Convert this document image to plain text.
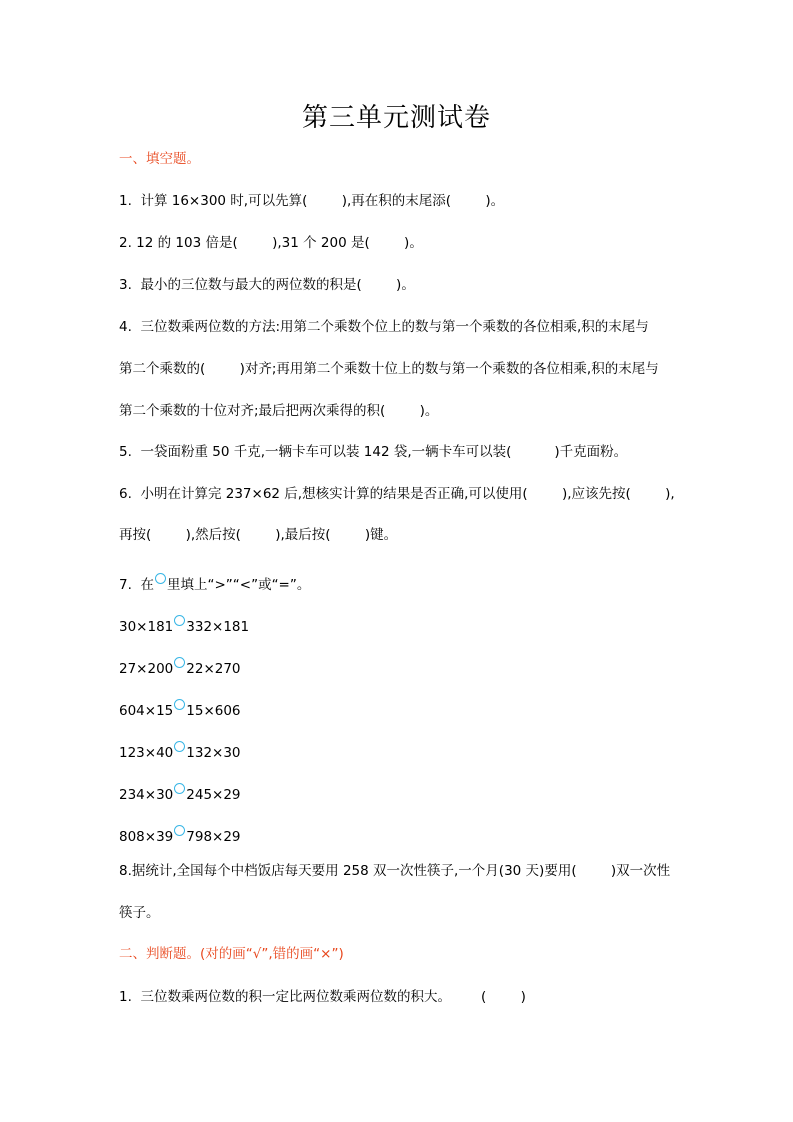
第三单元测试卷
一、填空题。
1.  计算 16×300 时,可以先算(        ),再在积的末尾添(        )。
2. 12 的 103 倍是(        ),31 个 200 是(        )。
3.  最小的三位数与最大的两位数的积是(        )。
4.  三位数乘两位数的方法:用第二个乘数个位上的数与第一个乘数的各位相乘,积的末尾与
第二个乘数的(        )对齐;再用第二个乘数十位上的数与第一个乘数的各位相乘,积的末尾与
第二个乘数的十位对齐;最后把两次乘得的积(        )。
5.  一袋面粉重 50 千克,一辆卡车可以装 142 袋,一辆卡车可以装(          )千克面粉。
6.  小明在计算完 237×62 后,想核实计算的结果是否正确,可以使用(        ),应该先按(        ),
再按(        ),然后按(        ),最后按(        )键。
7.  在 里填上“>”“<”或“=”。
30×181 332×181
27×200 22×270
604×15 15×606
123×40 132×30
234×30 245×29
808×39 798×29
8.据统计,全国每个中档饭店每天要用 258 双一次性筷子,一个月(30 天)要用(        )双一次性
筷子。
二、判断题。(对的画“√”,错的画“×”)
1.  三位数乘两位数的积一定比两位数乘两位数的积大。       (        )
